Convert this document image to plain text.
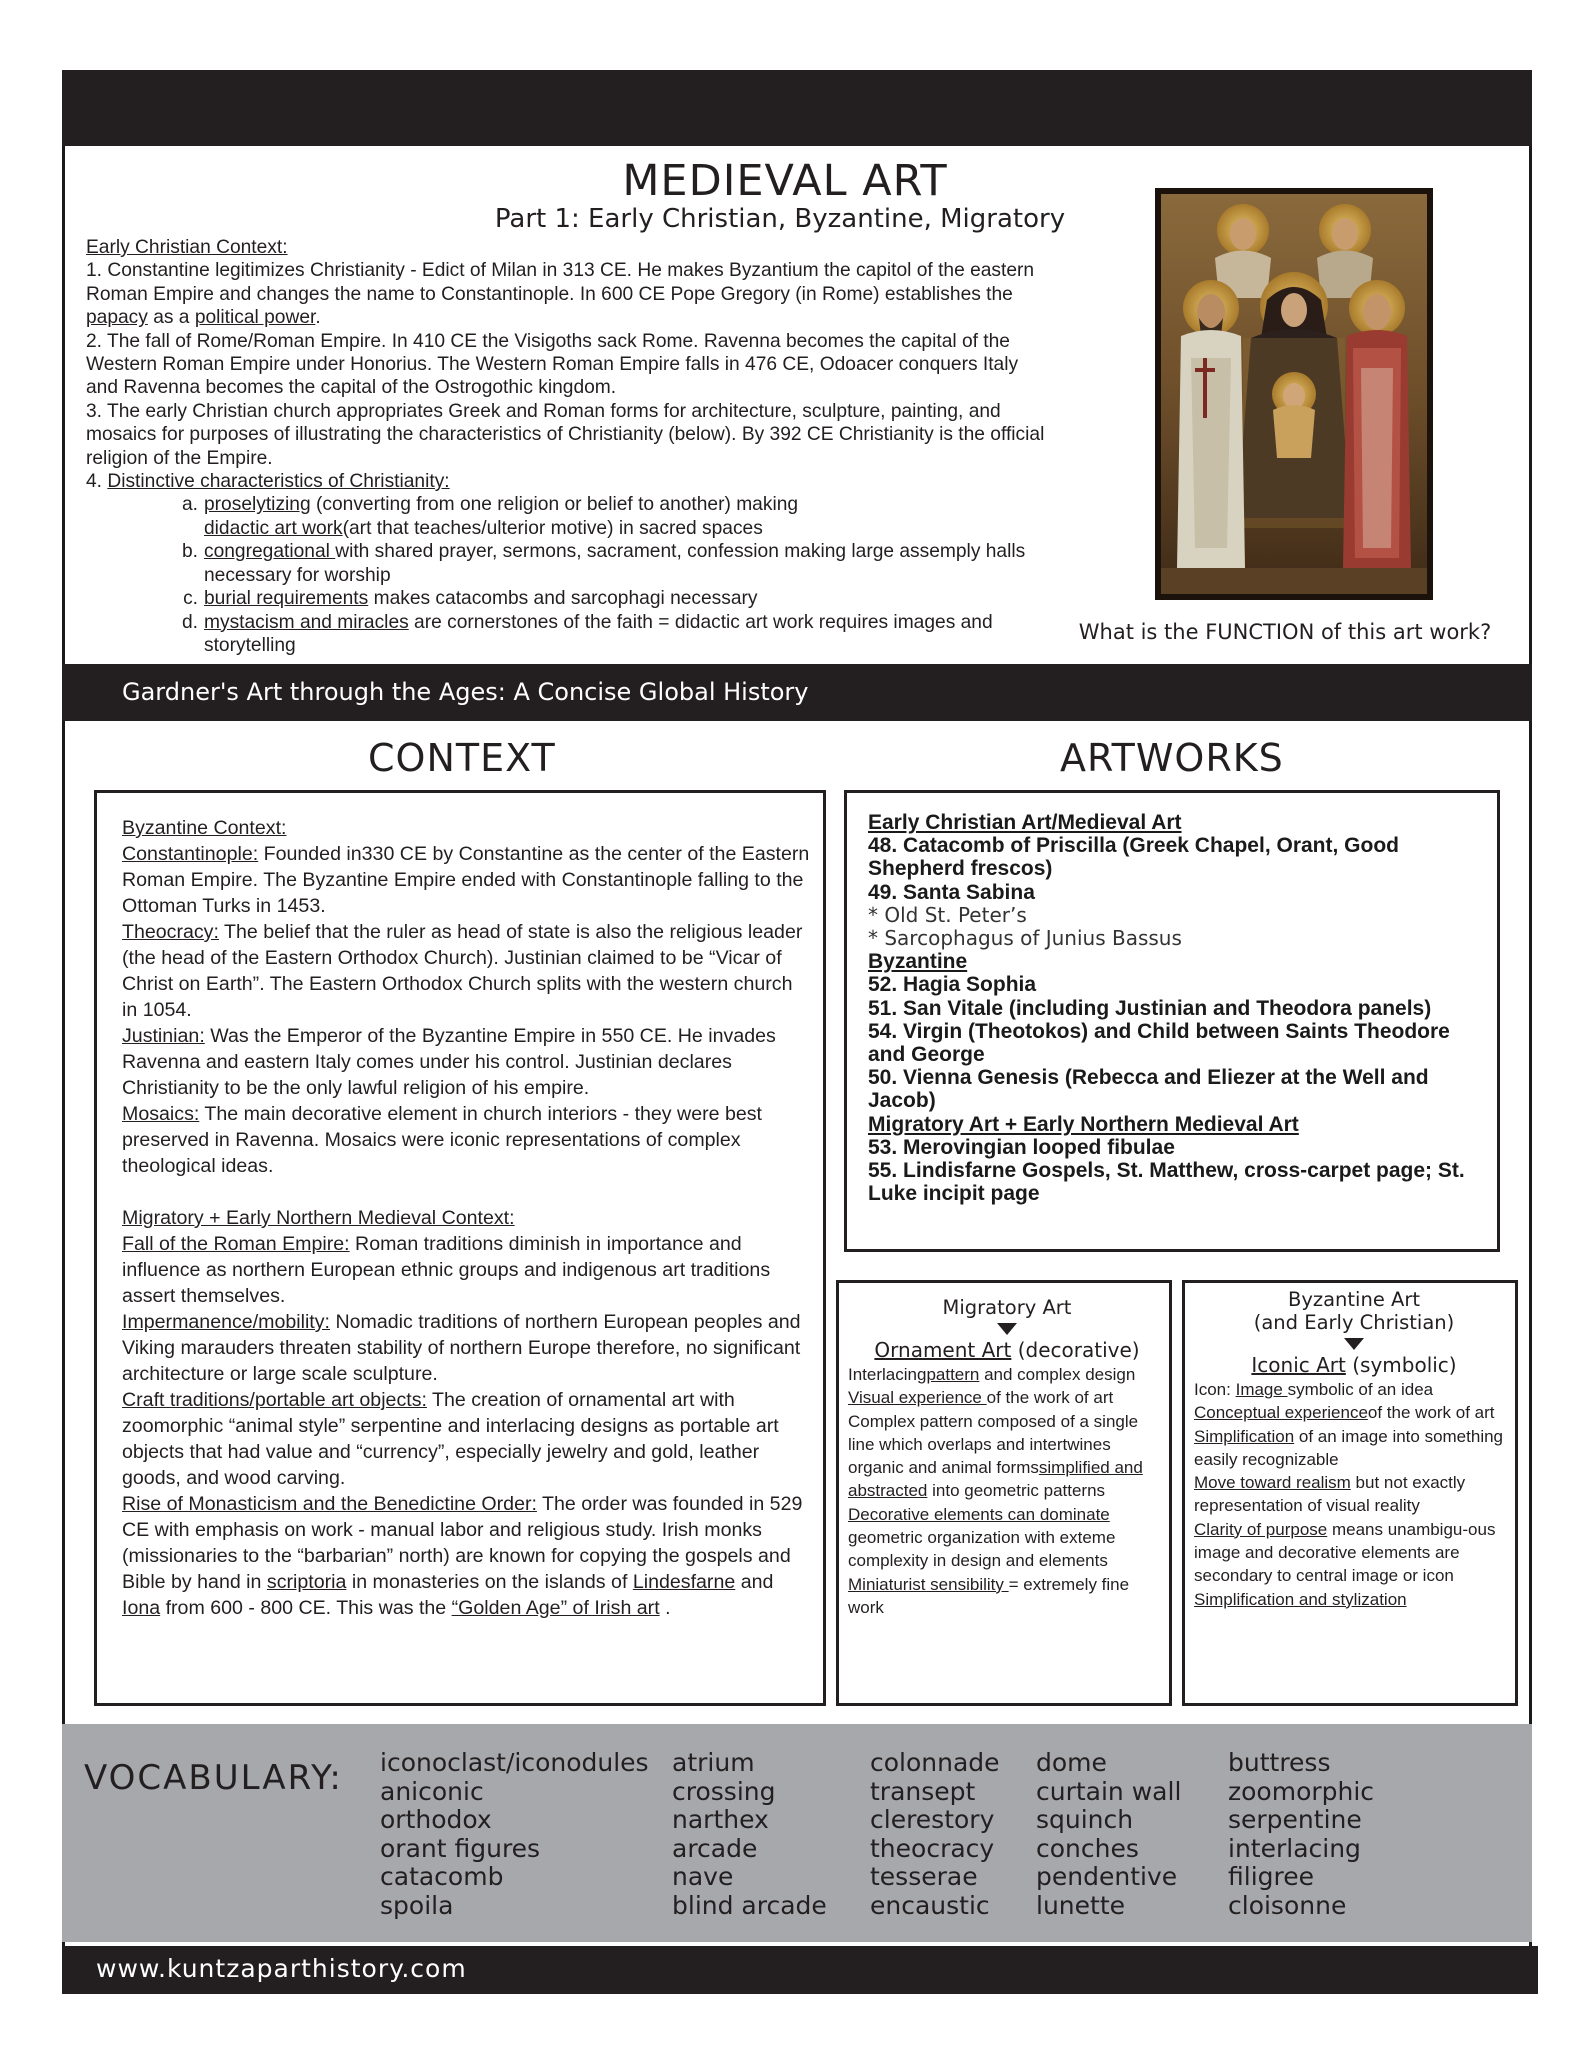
MEDIEVAL ART
Part 1: Early Christian, Byzantine, Migratory

Early Christian Context:

1. Constantine legitimizes Christianity - Edict of Milan in 313 CE. He makes Byzantium the capitol of the eastern Roman Empire and changes the name to Constantinople. In 600 CE Pope Gregory (in Rome) establishes the papacy as a political power.

2. The fall of Rome/Roman Empire. In 410 CE the Visigoths sack Rome. Ravenna becomes the capital of the Western Roman Empire under Honorius. The Western Roman Empire falls in 476 CE, Odoacer conquers Italy and Ravenna becomes the capital of the Ostrogothic kingdom.

3. The early Christian church appropriates Greek and Roman forms for architecture, sculpture, painting, and mosaics for purposes of illustrating the characteristics of Christianity (below). By 392 CE Christianity is the official religion of the Empire.

4. Distinctive characteristics of Christianity:

a. proselytizing (converting from one religion or belief to another) making
didactic art work(art that teaches/ulterior motive) in sacred spaces
b. congregational with shared prayer, sermons, sacrament, confession making large assemply halls necessary for worship
c. burial requirements makes catacombs and sarcophagi necessary
d. mystacism and miracles are cornerstones of the faith = didactic art work requires images and storytelling
What is the FUNCTION of this art work?
Gardner's Art through the Ages: A Concise Global History
CONTEXT	ARTWORKS

Byzantine Context:

Constantinople: Founded in330 CE by Constantine as the center of the Eastern Roman Empire. The Byzantine Empire ended with Constantinople falling to the Ottoman Turks in 1453.

Theocracy: The belief that the ruler as head of state is also the religious leader (the head of the Eastern Orthodox Church). Justinian claimed to be “Vicar of Christ on Earth”. The Eastern Orthodox Church splits with the western church in 1054.

Justinian: Was the Emperor of the Byzantine Empire in 550 CE. He invades Ravenna and eastern Italy comes under his control. Justinian declares Christianity to be the only lawful religion of his empire.

Mosaics: The main decorative element in church interiors - they were best preserved in Ravenna. Mosaics were iconic representations of complex theological ideas.

Migratory + Early Northern Medieval Context:

Fall of the Roman Empire: Roman traditions diminish in importance and influence as northern European ethnic groups and indigenous art traditions assert themselves.

Impermanence/mobility: Nomadic traditions of northern European peoples and Viking marauders threaten stability of northern Europe therefore, no significant architecture or large scale sculpture.

Craft traditions/portable art objects: The creation of ornamental art with zoomorphic “animal style” serpentine and interlacing designs as portable art objects that had value and “currency”, especially jewelry and gold, leather goods, and wood carving.

Rise of Monasticism and the Benedictine Order: The order was founded in 529 CE with emphasis on work - manual labor and religious study. Irish monks (missionaries to the “barbarian” north) are known for copying the gospels and Bible by hand in scriptoria in monasteries on the islands of Lindesfarne and Iona from 600 - 800 CE. This was the “Golden Age” of Irish art .

Early Christian Art/Medieval Art

48. Catacomb of Priscilla (Greek Chapel, Orant, Good Shepherd frescos)

49. Santa Sabina

* Old St. Peter’s

* Sarcophagus of Junius Bassus

Byzantine

52. Hagia Sophia

51. San Vitale (including Justinian and Theodora panels)

54. Virgin (Theotokos) and Child between Saints Theodore and George

50. Vienna Genesis (Rebecca and Eliezer at the Well and Jacob)

Migratory Art + Early Northern Medieval Art

53. Merovingian looped fibulae

55. Lindisfarne Gospels, St. Matthew, cross-carpet page; St. Luke incipit page

Migratory Art
Ornament Art (decorative)

Interlacingpattern and complex design

Visual experience of the work of art

Complex pattern composed of a single line which overlaps and intertwines organic and animal formssimplified and abstracted into geometric patterns

Decorative elements can dominate geometric organization with exteme complexity in design and elements

Miniaturist sensibility = extremely fine work

Byzantine Art
(and Early Christian)
Iconic Art (symbolic)

Icon: Image symbolic of an idea

Conceptual experienceof the work of art

Simplification of an image into something easily recognizable

Move toward realism but not exactly representation of visual reality

Clarity of purpose means unambigu-ous image and decorative elements are secondary to central image or icon

Simplification and stylization

VOCABULARY: iconoclast/iconodules
aniconic
orthodox
orant figures
catacomb
spoila
atrium
crossing
narthex
arcade
nave
blind arcade
colonnade
transept
clerestory
theocracy
tesserae
encaustic
dome
curtain wall
squinch
conches
pendentive
lunette
buttress
zoomorphic
serpentine
interlacing
filigree
cloisonne
www.kuntzaparthistory.com
